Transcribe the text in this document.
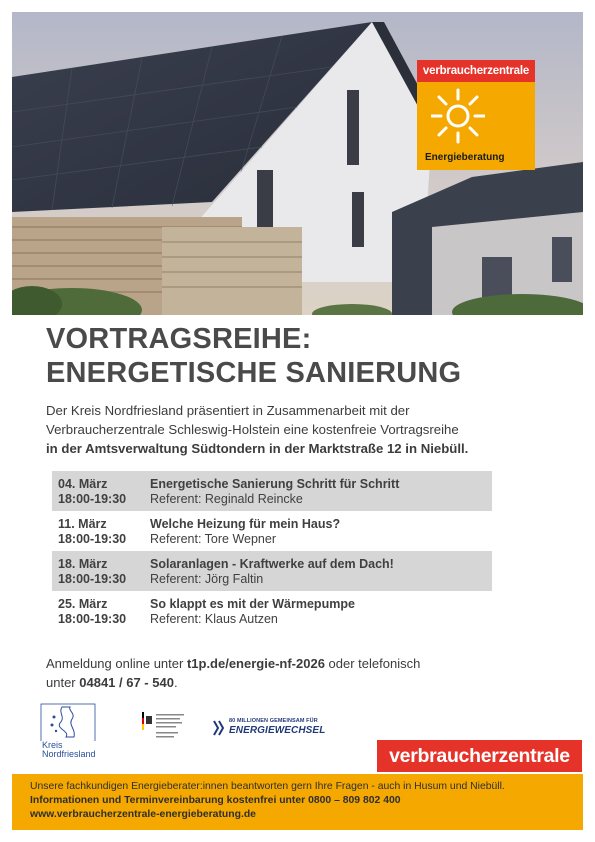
verbraucherzentrale
Energieberatung
VORTRAGSREIHE:
ENERGETISCHE SANIERUNG
Der Kreis Nordfriesland präsentiert in Zusammenarbeit mit der
Verbraucherzentrale Schleswig-Holstein eine kostenfreie Vortragsreihe
in der Amtsverwaltung Südtondern in der Marktstraße 12 in Niebüll.
04. März
18:00-19:30
Energetische Sanierung Schritt für Schritt
Referent: Reginald Reincke
11. März
18:00-19:30
Welche Heizung für mein Haus?
Referent: Tore Wepner
18. März
18:00-19:30
Solaranlagen - Kraftwerke auf dem Dach!
Referent: Jörg Faltin
25. März
18:00-19:30
So klappt es mit der Wärmepumpe
Referent: Klaus Autzen
Anmeldung online unter t1p.de/energie-nf-2026 oder telefonisch
unter 04841 / 67 - 540.
Kreis
Nordfriesland
80 MILLIONEN GEMEINSAM FÜR
ENERGIEWECHSEL
verbraucherzentrale

Unsere fachkundigen Energieberater:innen beantworten gern Ihre Fragen - auch in Husum und Niebüll.

Informationen und Terminvereinbarung kostenfrei unter 0800 – 809 802 400

www.verbraucherzentrale-energieberatung.de
